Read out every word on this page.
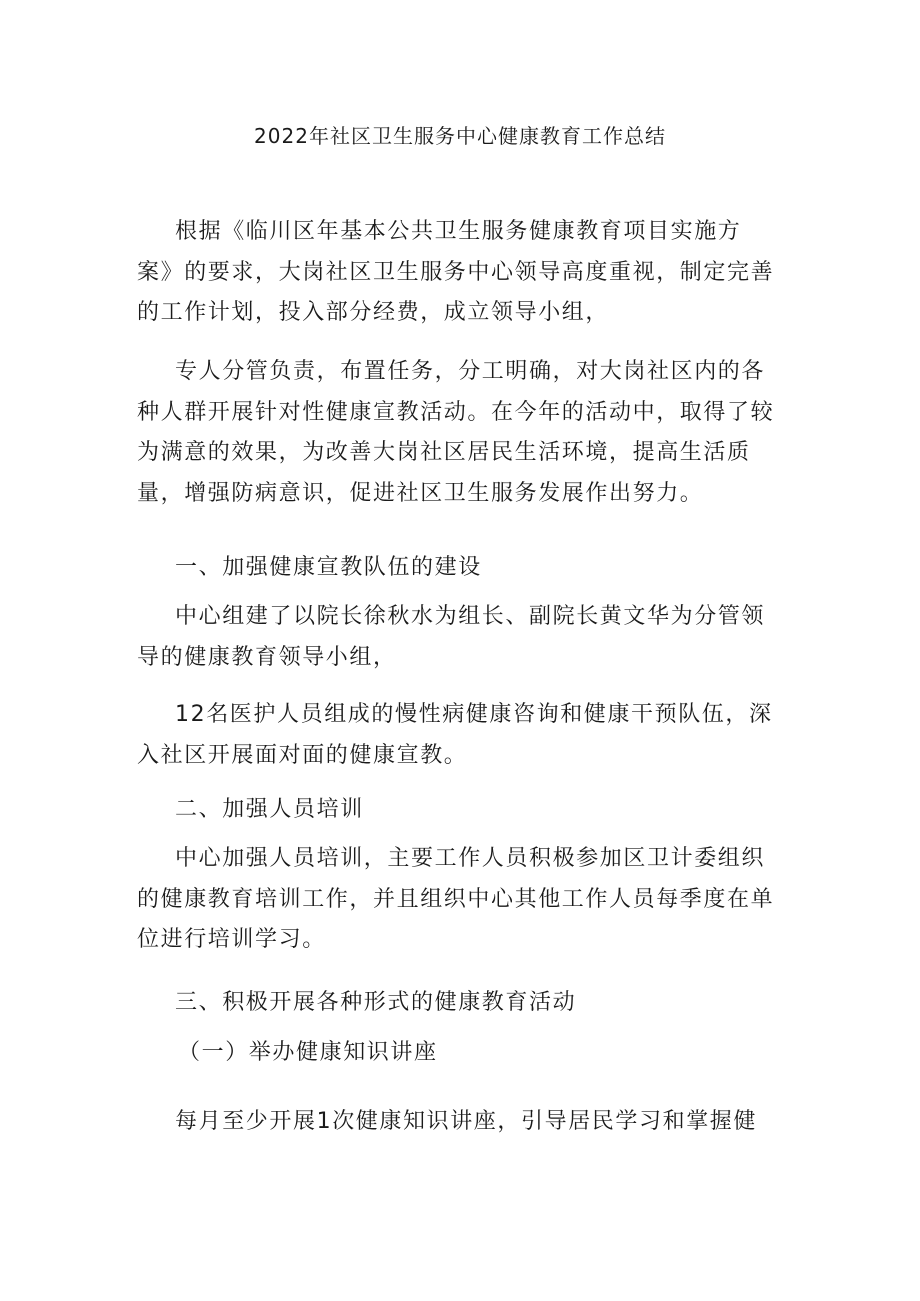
2022年社区卫生服务中心健康教育工作总结

根据《临川区年基本公共卫生服务健康教育项目实施方案》的要求，大岗社区卫生服务中心领导高度重视，制定完善的工作计划，投入部分经费，成立领导小组，

专人分管负责，布置任务，分工明确，对大岗社区内的各种人群开展针对性健康宣教活动。在今年的活动中，取得了较为满意的效果，为改善大岗社区居民生活环境，提高生活质量，增强防病意识，促进社区卫生服务发展作出努力。

一、加强健康宣教队伍的建设

中心组建了以院长徐秋水为组长、副院长黄文华为分管领导的健康教育领导小组，

12名医护人员组成的慢性病健康咨询和健康干预队伍，深入社区开展面对面的健康宣教。

二、加强人员培训

中心加强人员培训，主要工作人员积极参加区卫计委组织的健康教育培训工作，并且组织中心其他工作人员每季度在单位进行培训学习。

三、积极开展各种形式的健康教育活动
（一）举办健康知识讲座

每月至少开展1次健康知识讲座，引导居民学习和掌握健
